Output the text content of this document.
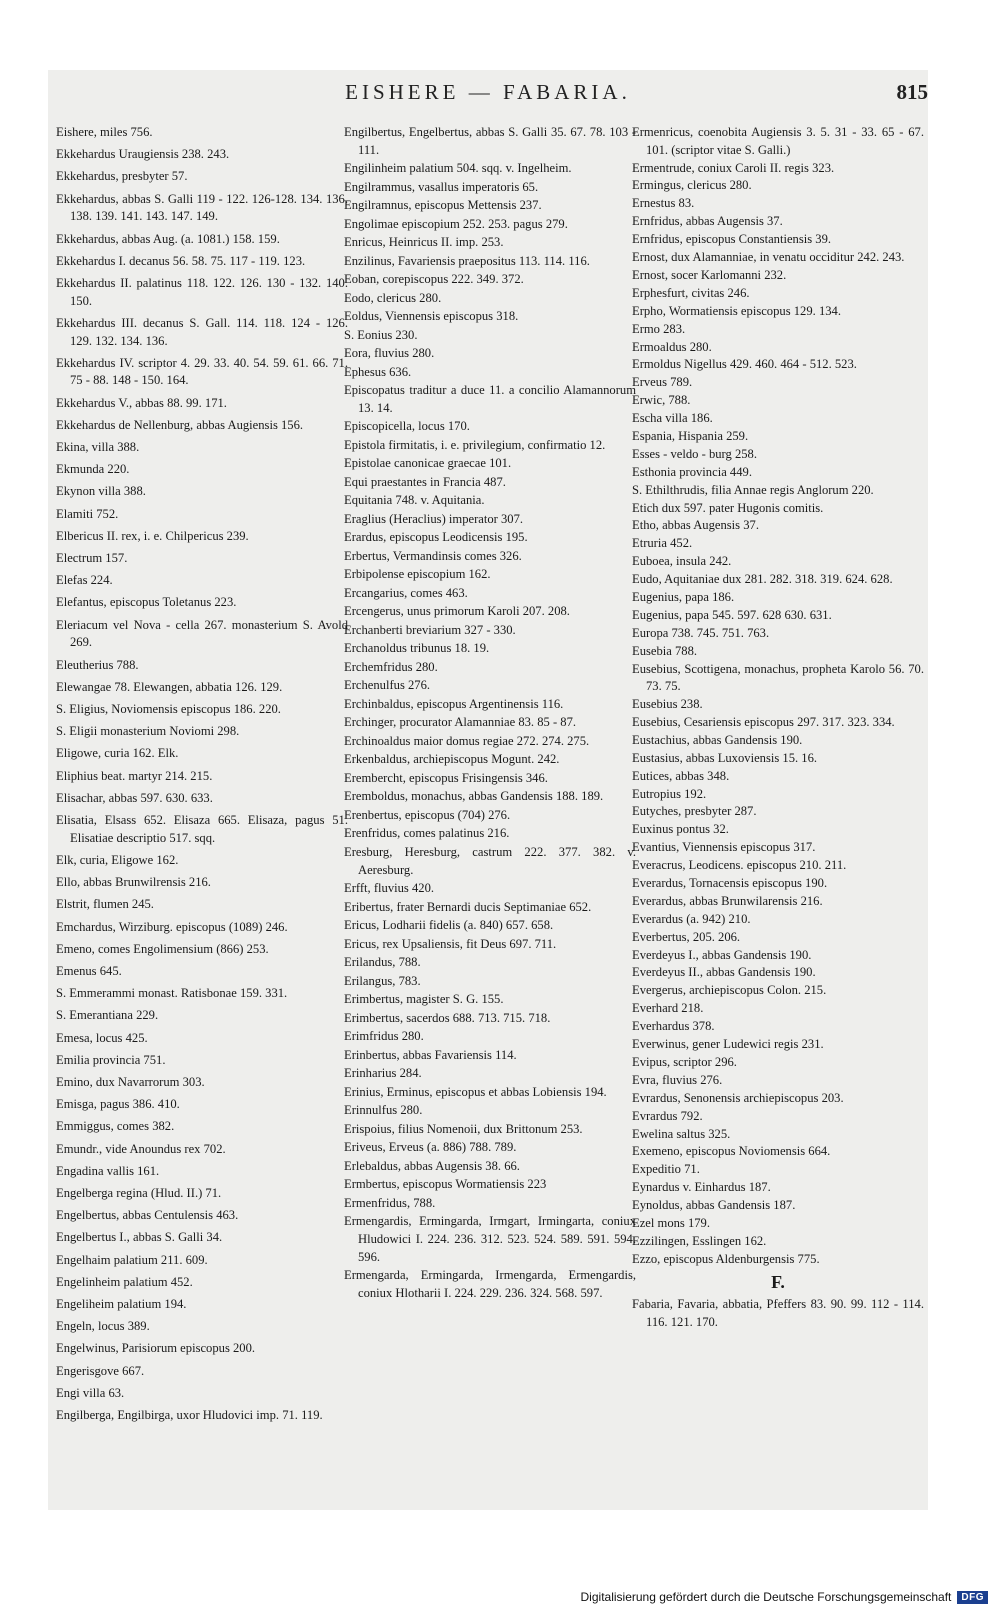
EISHERE — FABARIA.	815
Eishere, miles 756.
Ekkehardus Uraugiensis 238. 243.
Ekkehardus, presbyter 57.
Ekkehardus, abbas S. Galli 119 - 122. 126-128. 134. 136. 138. 139. 141. 143. 147. 149.
Ekkehardus, abbas Aug. (a. 1081.) 158. 159.
Ekkehardus I. decanus 56. 58. 75. 117 - 119. 123.
Ekkehardus II. palatinus 118. 122. 126. 130 - 132. 140. 150.
Ekkehardus III. decanus S. Gall. 114. 118. 124 - 126. 129. 132. 134. 136.
Ekkehardus IV. scriptor 4. 29. 33. 40. 54. 59. 61. 66. 71. 75 - 88. 148 - 150. 164.
Ekkehardus V., abbas 88. 99. 171.
Ekkehardus de Nellenburg, abbas Augiensis 156.
Ekina, villa 388.
Ekmunda 220.
Ekynon villa 388.
Elamiti 752.
Elbericus II. rex, i. e. Chilpericus 239.
Electrum 157.
Elefas 224.
Elefantus, episcopus Toletanus 223.
Eleriacum vel Nova - cella 267. monasterium S. Avold 269.
Eleutherius 788.
Elewangae 78. Elewangen, abbatia 126. 129.
S. Eligius, Noviomensis episcopus 186. 220.
S. Eligii monasterium Noviomi 298.
Eligowe, curia 162. Elk.
Eliphius beat. martyr 214. 215.
Elisachar, abbas 597. 630. 633.
Elisatia, Elsass 652. Elisaza 665. Elisaza, pagus 51. Elisatiae descriptio 517. sqq.
Elk, curia, Eligowe 162.
Ello, abbas Brunwilrensis 216.
Elstrit, flumen 245.
Emchardus, Wirziburg. episcopus (1089) 246.
Emeno, comes Engolimensium (866) 253.
Emenus 645.
S. Emmerammi monast. Ratisbonae 159. 331.
S. Emerantiana 229.
Emesa, locus 425.
Emilia provincia 751.
Emino, dux Navarrorum 303.
Emisga, pagus 386. 410.
Emmiggus, comes 382.
Emundr., vide Anoundus rex 702.
Engadina vallis 161.
Engelberga regina (Hlud. II.) 71.
Engelbertus, abbas Centulensis 463.
Engelbertus I., abbas S. Galli 34.
Engelhaim palatium 211. 609.
Engelinheim palatium 452.
Engeliheim palatium 194.
Engeln, locus 389.
Engelwinus, Parisiorum episcopus 200.
Engerisgove 667.
Engi villa 63.
Engilberga, Engilbirga, uxor Hludovici imp. 71. 119.
Engilbertus, Engelbertus, abbas S. Galli 35. 67. 78. 103 - 111.
Engilinheim palatium 504. sqq. v. Ingelheim.
Engilrammus, vasallus imperatoris 65.
Engilramnus, episcopus Mettensis 237.
Engolimae episcopium 252. 253. pagus 279.
Enricus, Heinricus II. imp. 253.
Enzilinus, Favariensis praepositus 113. 114. 116.
Eoban, corepiscopus 222. 349. 372.
Eodo, clericus 280.
Eoldus, Viennensis episcopus 318.
S. Eonius 230.
Eora, fluvius 280.
Ephesus 636.
Episcopatus traditur a duce 11. a concilio Alamannorum 13. 14.
Episcopicella, locus 170.
Epistola firmitatis, i. e. privilegium, confirmatio 12.
Epistolae canonicae graecae 101.
Equi praestantes in Francia 487.
Equitania 748. v. Aquitania.
Eraglius (Heraclius) imperator 307.
Erardus, episcopus Leodicensis 195.
Erbertus, Vermandinsis comes 326.
Erbipolense episcopium 162.
Ercangarius, comes 463.
Ercengerus, unus primorum Karoli 207. 208.
Erchanberti breviarium 327 - 330.
Erchanoldus tribunus 18. 19.
Erchemfridus 280.
Erchenulfus 276.
Erchinbaldus, episcopus Argentinensis 116.
Erchinger, procurator Alamanniae 83. 85 - 87.
Erchinoaldus maior domus regiae 272. 274. 275.
Erkenbaldus, archiepiscopus Mogunt. 242.
Erembercht, episcopus Frisingensis 346.
Eremboldus, monachus, abbas Gandensis 188. 189.
Erenbertus, episcopus (704) 276.
Erenfridus, comes palatinus 216.
Eresburg, Heresburg, castrum 222. 377. 382. v. Aeresburg.
Erfft, fluvius 420.
Eribertus, frater Bernardi ducis Septimaniae 652.
Ericus, Lodharii fidelis (a. 840) 657. 658.
Ericus, rex Upsaliensis, fit Deus 697. 711.
Erilandus, 788.
Erilangus, 783.
Erimbertus, magister S. G. 155.
Erimbertus, sacerdos 688. 713. 715. 718.
Erimfridus 280.
Erinbertus, abbas Favariensis 114.
Erinharius 284.
Erinius, Erminus, episcopus et abbas Lobiensis 194.
Erinnulfus 280.
Erispoius, filius Nomenoii, dux Brittonum 253.
Eriveus, Erveus (a. 886) 788. 789.
Erlebaldus, abbas Augensis 38. 66.
Ermbertus, episcopus Wormatiensis 223
Ermenfridus, 788.
Ermengardis, Ermingarda, Irmgart, Irmingarta, coniux Hludowici I. 224. 236. 312. 523. 524. 589. 591. 594. 596.
Ermengarda, Ermingarda, Irmengarda, Ermengardis, coniux Hlotharii I. 224. 229. 236. 324. 568. 597.
Ermenricus, coenobita Augiensis 3. 5. 31 - 33. 65 - 67. 101. (scriptor vitae S. Galli.)
Ermentrude, coniux Caroli II. regis 323.
Ermingus, clericus 280.
Ernestus 83.
Ernfridus, abbas Augensis 37.
Ernfridus, episcopus Constantiensis 39.
Ernost, dux Alamanniae, in venatu occiditur 242. 243.
Ernost, socer Karlomanni 232.
Erphesfurt, civitas 246.
Erpho, Wormatiensis episcopus 129. 134.
Ermo 283.
Ermoaldus 280.
Ermoldus Nigellus 429. 460. 464 - 512. 523.
Erveus 789.
Erwic, 788.
Escha villa 186.
Espania, Hispania 259.
Esses - veldo - burg 258.
Esthonia provincia 449.
S. Ethilthrudis, filia Annae regis Anglorum 220.
Etich dux 597. pater Hugonis comitis.
Etho, abbas Augensis 37.
Etruria 452.
Euboea, insula 242.
Eudo, Aquitaniae dux 281. 282. 318. 319. 624. 628.
Eugenius, papa 186.
Eugenius, papa 545. 597. 628 630. 631.
Europa 738. 745. 751. 763.
Eusebia 788.
Eusebius, Scottigena, monachus, propheta Karolo 56. 70. 73. 75.
Eusebius 238.
Eusebius, Cesariensis episcopus 297. 317. 323. 334.
Eustachius, abbas Gandensis 190.
Eustasius, abbas Luxoviensis 15. 16.
Eutices, abbas 348.
Eutropius 192.
Eutyches, presbyter 287.
Euxinus pontus 32.
Evantius, Viennensis episcopus 317.
Everacrus, Leodicens. episcopus 210. 211.
Everardus, Tornacensis episcopus 190.
Everardus, abbas Brunwilarensis 216.
Everardus (a. 942) 210.
Everbertus, 205. 206.
Everdeyus I., abbas Gandensis 190.
Everdeyus II., abbas Gandensis 190.
Evergerus, archiepiscopus Colon. 215.
Everhard 218.
Everhardus 378.
Everwinus, gener Ludewici regis 231.
Evipus, scriptor 296.
Evra, fluvius 276.
Evrardus, Senonensis archiepiscopus 203.
Evrardus 792.
Ewelina saltus 325.
Exemeno, episcopus Noviomensis 664.
Expeditio 71.
Eynardus v. Einhardus 187.
Eynoldus, abbas Gandensis 187.
Ezel mons 179.
Ezzilingen, Esslingen 162.
Ezzo, episcopus Aldenburgensis 775.
F.
Fabaria, Favaria, abbatia, Pfeffers 83. 90. 99. 112 - 114. 116. 121. 170.
Digitalisierung gefördert durch die Deutsche Forschungsgemeinschaft	DFG
